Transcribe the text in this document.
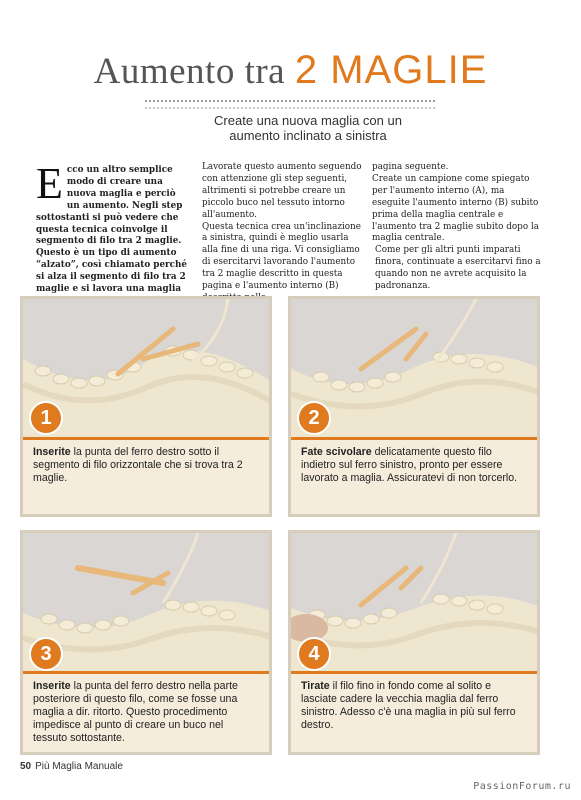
Aumento tra 2 MAGLIE
Create una nuova maglia con un aumento inclinato a sinistra
Ecco un altro semplice modo di creare una nuova maglia e perciò un aumento. Negli step sottostanti si può vedere che questa tecnica coinvolge il segmento di filo tra 2 maglie. Questo è un tipo di aumento “alzato”, così chiamato perché si alza il segmento di filo tra 2 maglie e si lavora una maglia
Lavorate questo aumento seguendo con attenzione gli step seguenti, altrimenti si potrebbe creare un piccolo buco nel tessuto intorno all'aumento.
Questa tecnica crea un'inclinazione a sinistra, quindi è meglio usarla alla fine di una riga. Vi consigliamo di esercitarvi lavorando l'aumento tra 2 maglie descritto in questa pagina e l'aumento interno (B)
pagina seguente.
Create un campione come spiegato per l'aumento interno (A), ma eseguite l'aumento interno (B) subito prima della maglia centrale e l'aumento tra 2 maglie subito dopo la maglia centrale.
Come per gli altri punti imparati finora, continuate a esercitarvi fino a quando non ne avrete acquisito la padronanza.
1
Inserite la punta del ferro destro sotto il segmento di filo orizzontale che si trova tra 2 maglie.
2
Fate scivolare delicatamente questo filo indietro sul ferro sinistro, pronto per essere lavorato a maglia. Assicuratevi di non torcerlo.
3
Inserite la punta del ferro destro nella parte posteriore di questo filo, come se fosse una maglia a dir. ritorto. Questo procedimento impedisce al punto di creare un buco nel tessuto sottostante.
4
Tirate il filo fino in fondo come al solito e lasciate cadere la vecchia maglia dal ferro sinistro. Adesso c'è una maglia in più sul ferro destro.
50 Più Maglia Manuale
PassionForum.ru
